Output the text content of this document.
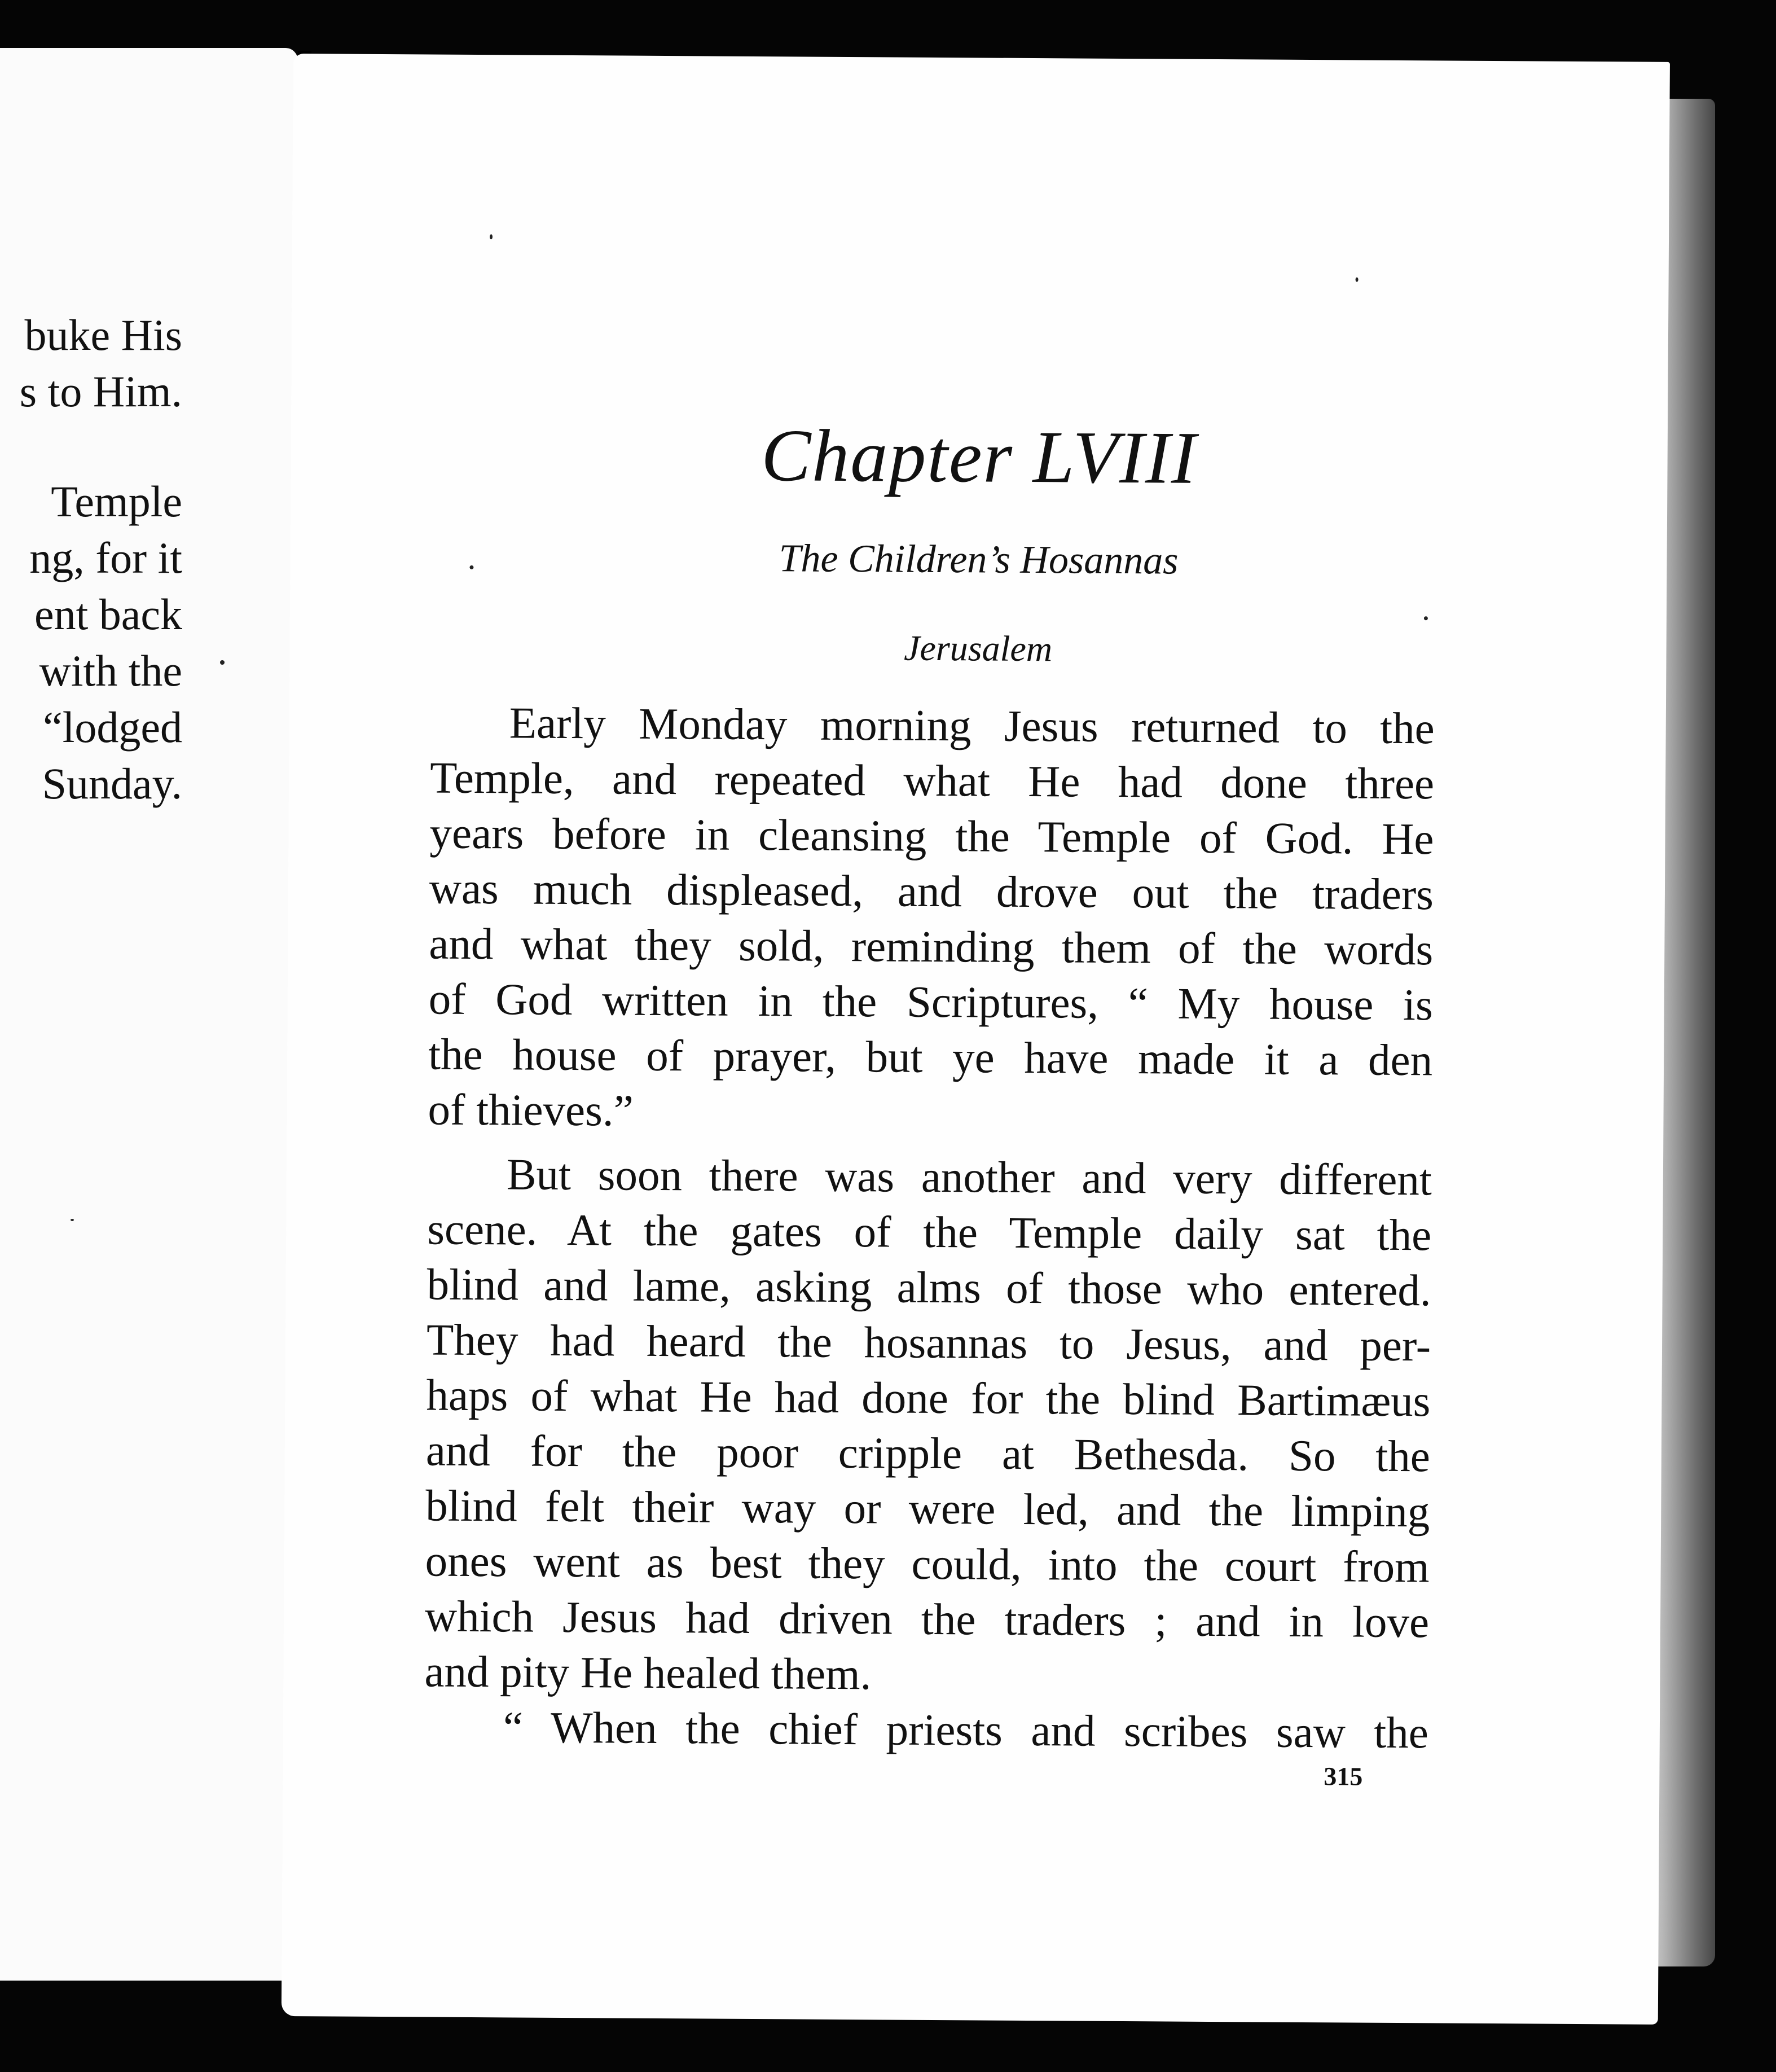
buke His
s to Him.
Temple
ng, for it
ent back
with the
“lodged
Sunday.
Chapter LVIII
The Children’s Hosannas
Jerusalem
Early Monday morning Jesus returned to the
Temple, and repeated what He had done three
years before in cleansing the Temple of God. He
was much displeased, and drove out the traders
and what they sold, reminding them of the words
of God written in the Scriptures, “ My house is
the house of prayer, but ye have made it a den
of thieves.”
But soon there was another and very different
scene. At the gates of the Temple daily sat the
blind and lame, asking alms of those who entered.
They had heard the hosannas to Jesus, and per-
haps of what He had done for the blind Bartimæus
and for the poor cripple at Bethesda. So the
blind felt their way or were led, and the limping
ones went as best they could, into the court from
which Jesus had driven the traders ; and in love
and pity He healed them.
“ When the chief priests and scribes saw the
315
